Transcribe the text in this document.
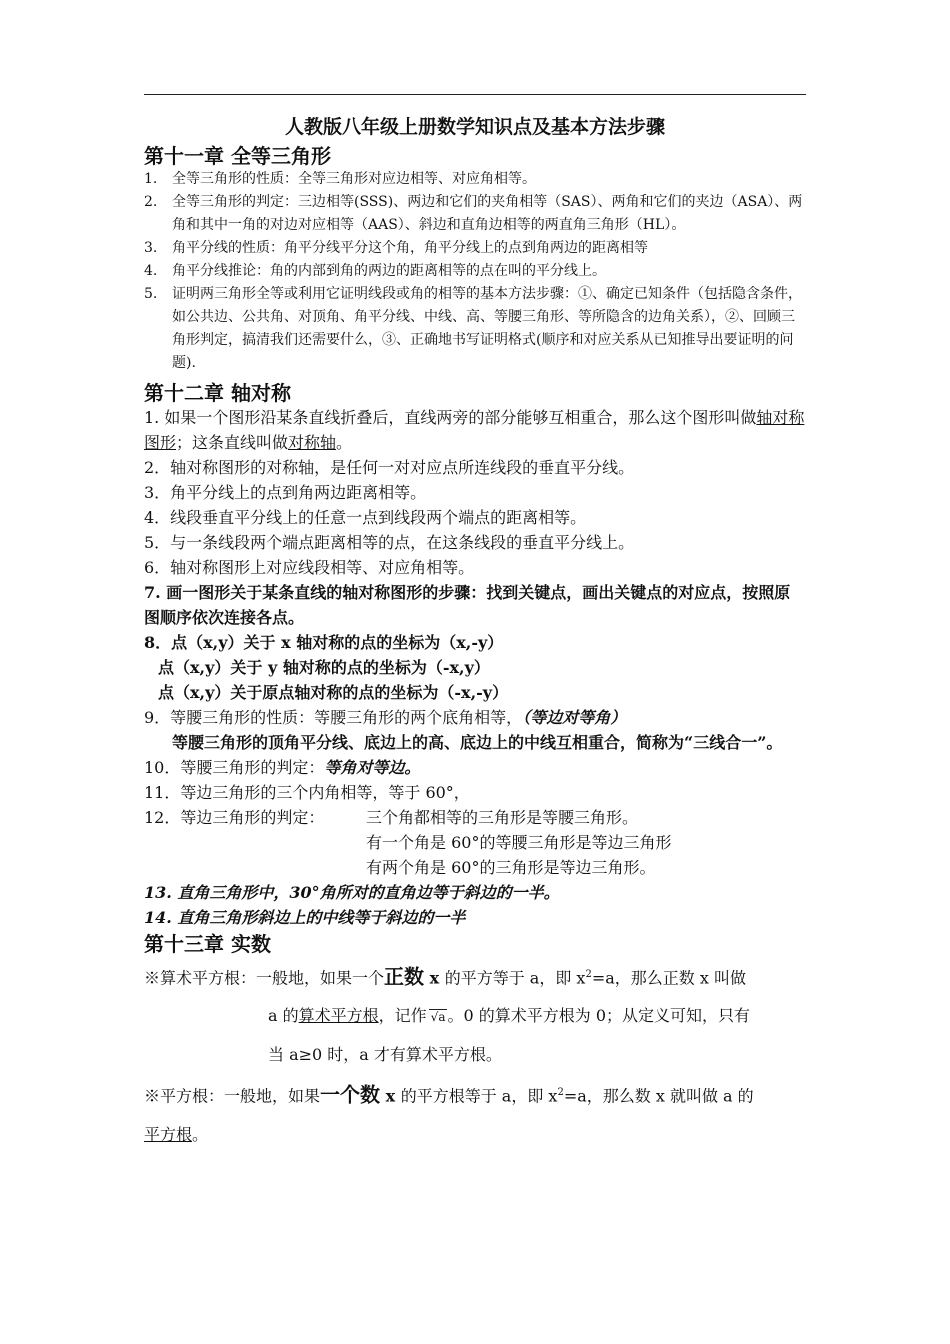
人教版八年级上册数学知识点及基本方法步骤
第十一章 全等三角形
1. 全等三角形的性质：全等三角形对应边相等、对应角相等。
2. 全等三角形的判定：三边相等(SSS)、两边和它们的夹角相等（SAS）、两角和它们的夹边（ASA）、两角和其中一角的对边对应相等（AAS）、斜边和直角边相等的两直角三角形（HL）。
3. 角平分线的性质：角平分线平分这个角，角平分线上的点到角两边的距离相等
4. 角平分线推论：角的内部到角的两边的距离相等的点在叫的平分线上。
5. 证明两三角形全等或利用它证明线段或角的相等的基本方法步骤：①、确定已知条件（包括隐含条件，如公共边、公共角、对顶角、角平分线、中线、高、等腰三角形、等所隐含的边角关系），②、回顾三角形判定，搞清我们还需要什么，③、正确地书写证明格式(顺序和对应关系从已知推导出要证明的问题).
第十二章 轴对称
1. 如果一个图形沿某条直线折叠后，直线两旁的部分能够互相重合，那么这个图形叫做轴对称图形；这条直线叫做对称轴。
2．轴对称图形的对称轴，是任何一对对应点所连线段的垂直平分线。
3．角平分线上的点到角两边距离相等。
4．线段垂直平分线上的任意一点到线段两个端点的距离相等。
5．与一条线段两个端点距离相等的点，在这条线段的垂直平分线上。
6．轴对称图形上对应线段相等、对应角相等。
7. 画一图形关于某条直线的轴对称图形的步骤：找到关键点，画出关键点的对应点，按照原图顺序依次连接各点。
8．点（x,y）关于 x 轴对称的点的坐标为（x,-y）
点（x,y）关于 y 轴对称的点的坐标为（-x,y）
点（x,y）关于原点轴对称的点的坐标为（-x,-y）
9．等腰三角形的性质：等腰三角形的两个底角相等，（等边对等角）
等腰三角形的顶角平分线、底边上的高、底边上的中线互相重合，简称为“三线合一”。
10．等腰三角形的判定：等角对等边。
11．等边三角形的三个内角相等，等于 60°，
12．等边三角形的判定：	三个角都相等的三角形是等腰三角形。
有一个角是 60°的等腰三角形是等边三角形
有两个角是 60°的三角形是等边三角形。
13. 直角三角形中，30°角所对的直角边等于斜边的一半。
14. 直角三角形斜边上的中线等于斜边的一半
第十三章 实数
※算术平方根：一般地，如果一个正数 x 的平方等于 a，即 $x^2=a$，那么正数 x 叫做
a 的算术平方根，记作 √a 。0 的算术平方根为 0；从定义可知，只有
当 a≥0 时，a 才有算术平方根。
※平方根：一般地，如果一个数 x 的平方根等于 a，即 $x^2=a$，那么数 x 就叫做 a 的
平方根。
